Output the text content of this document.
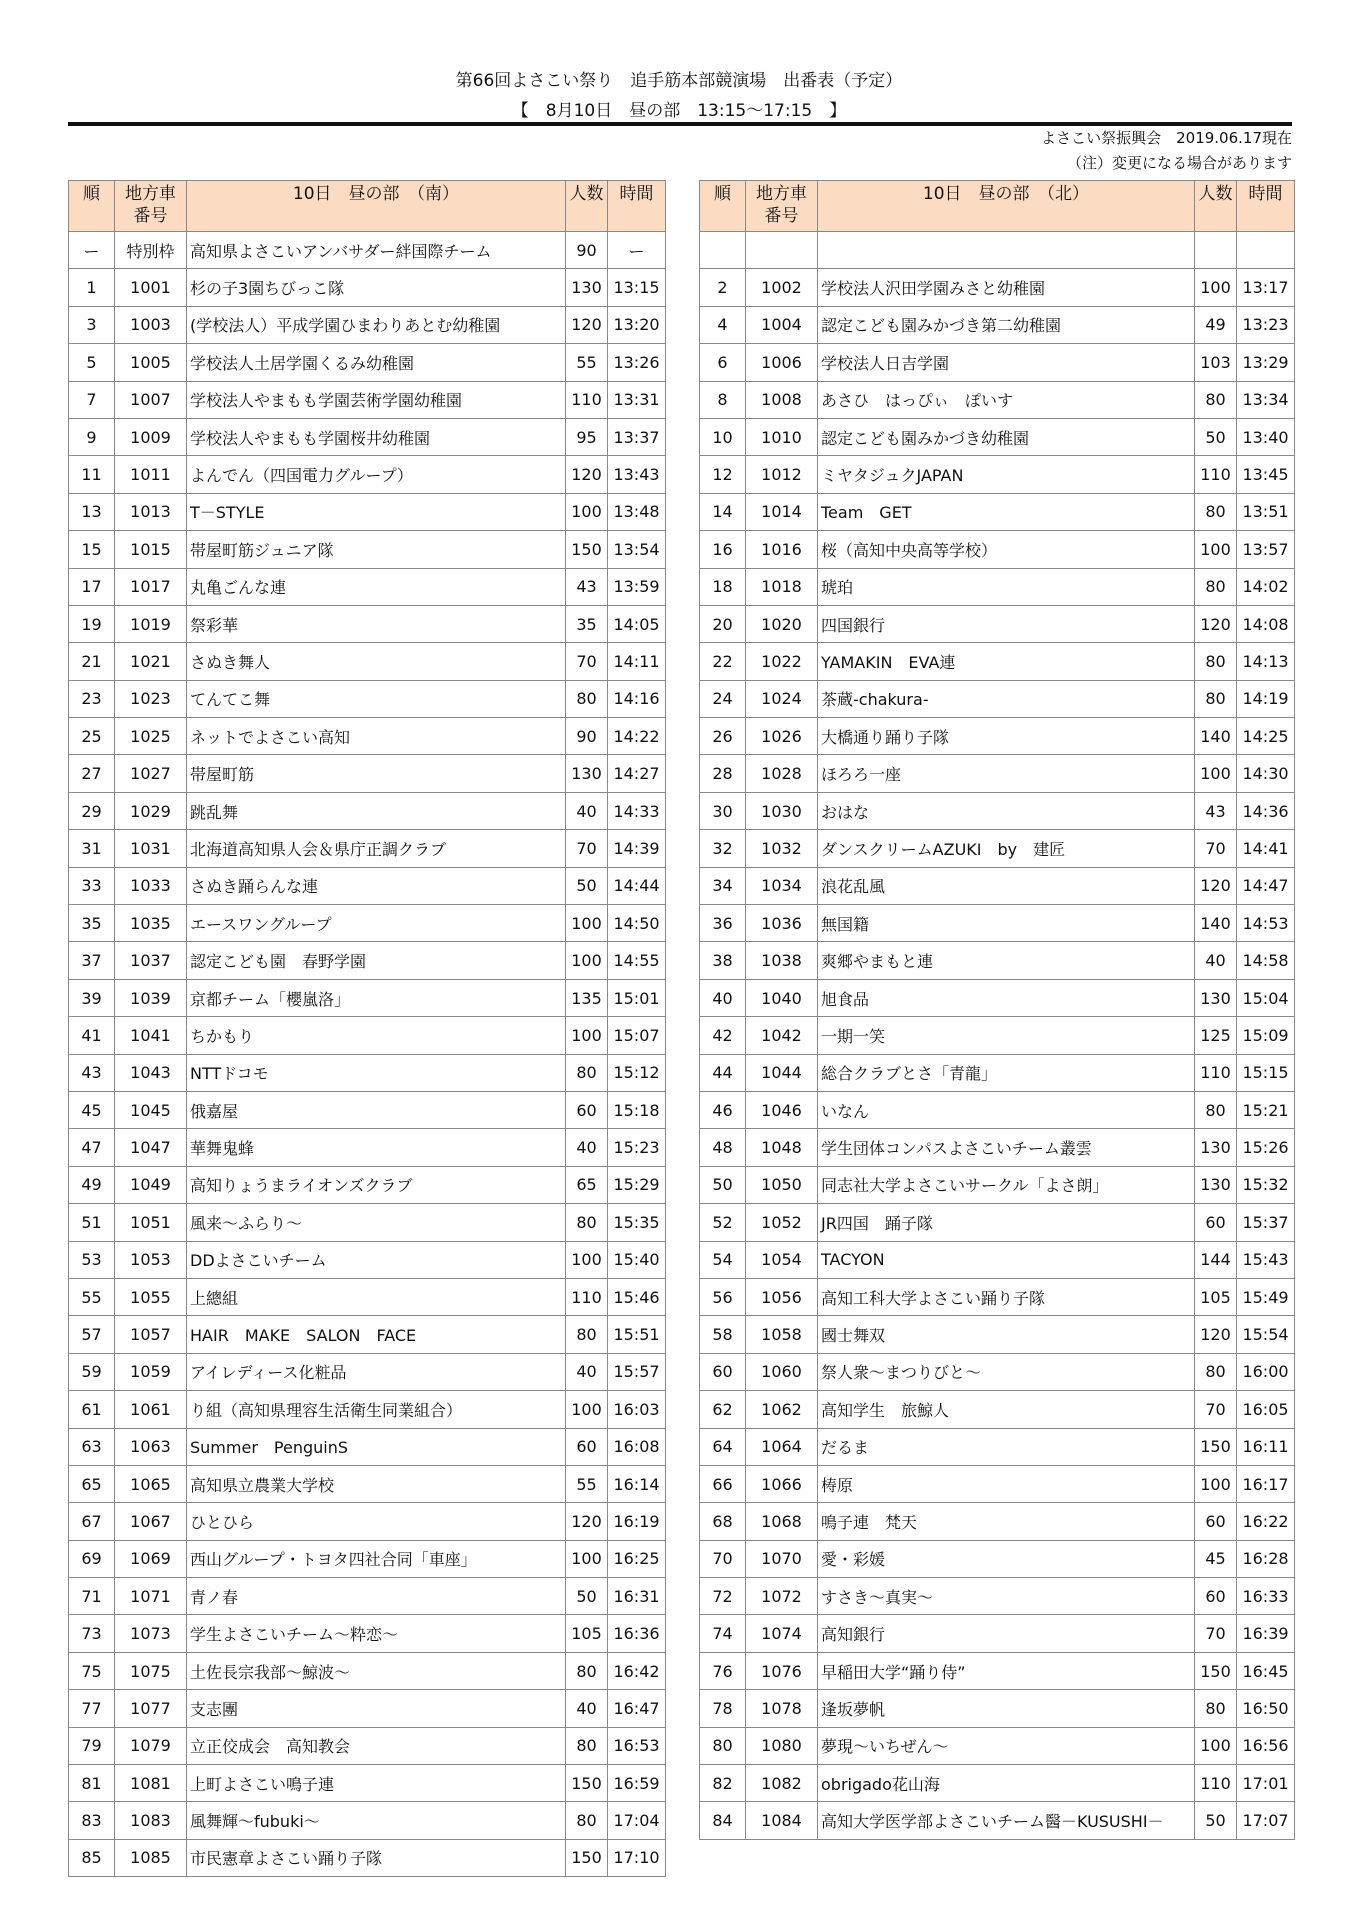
第66回よさこい祭り　追手筋本部競演場　出番表（予定）
【　8月10日　昼の部　13:15～17:15　】
よさこい祭振興会　2019.06.17現在
（注）変更になる場合があります
順	地方車番号	10日　昼の部　（南）	人数	時間
ー	特別枠	高知県よさこいアンバサダー絆国際チーム	90	ー
1	1001	杉の子3園ちびっこ隊	130	13:15
3	1003	(学校法人）平成学園ひまわりあとむ幼稚園	120	13:20
5	1005	学校法人土居学園くるみ幼稚園	55	13:26
7	1007	学校法人やまもも学園芸術学園幼稚園	110	13:31
9	1009	学校法人やまもも学園桜井幼稚園	95	13:37
11	1011	よんでん（四国電力グループ）	120	13:43
13	1013	T－STYLE	100	13:48
15	1015	帯屋町筋ジュニア隊	150	13:54
17	1017	丸亀ごんな連	43	13:59
19	1019	祭彩華	35	14:05
21	1021	さぬき舞人	70	14:11
23	1023	てんてこ舞	80	14:16
25	1025	ネットでよさこい高知	90	14:22
27	1027	帯屋町筋	130	14:27
29	1029	跳乱舞	40	14:33
31	1031	北海道高知県人会＆県庁正調クラブ	70	14:39
33	1033	さぬき踊らんな連	50	14:44
35	1035	エースワングループ	100	14:50
37	1037	認定こども園　春野学園	100	14:55
39	1039	京都チーム「櫻嵐洛」	135	15:01
41	1041	ちかもり	100	15:07
43	1043	NTTドコモ	80	15:12
45	1045	俄嘉屋	60	15:18
47	1047	華舞鬼蜂	40	15:23
49	1049	高知りょうまライオンズクラブ	65	15:29
51	1051	風来～ふらり～	80	15:35
53	1053	DDよさこいチーム	100	15:40
55	1055	上總組	110	15:46
57	1057	HAIR　MAKE　SALON　FACE	80	15:51
59	1059	アイレディース化粧品	40	15:57
61	1061	り組（高知県理容生活衛生同業組合）	100	16:03
63	1063	Summer　PenguinS	60	16:08
65	1065	高知県立農業大学校	55	16:14
67	1067	ひとひら	120	16:19
69	1069	西山グループ・トヨタ四社合同「車座」	100	16:25
71	1071	青ノ春	50	16:31
73	1073	学生よさこいチーム～粋恋～	105	16:36
75	1075	土佐長宗我部～鯨波～	80	16:42
77	1077	支志團	40	16:47
79	1079	立正佼成会　高知教会	80	16:53
81	1081	上町よさこい鳴子連	150	16:59
83	1083	風舞輝～fubuki～	80	17:04
85	1085	市民憲章よさこい踊り子隊	150	17:10
順	地方車番号	10日　昼の部　（北）	人数	時間

2	1002	学校法人沢田学園みさと幼稚園	100	13:17
4	1004	認定こども園みかづき第二幼稚園	49	13:23
6	1006	学校法人日吉学園	103	13:29
8	1008	あさひ　はっぴぃ　ぽいす	80	13:34
10	1010	認定こども園みかづき幼稚園	50	13:40
12	1012	ミヤタジュクJAPAN	110	13:45
14	1014	Team　GET	80	13:51
16	1016	桜（高知中央高等学校）	100	13:57
18	1018	琥珀	80	14:02
20	1020	四国銀行	120	14:08
22	1022	YAMAKIN　EVA連	80	14:13
24	1024	茶蔵-chakura-	80	14:19
26	1026	大橋通り踊り子隊	140	14:25
28	1028	ほろろ一座	100	14:30
30	1030	おはな	43	14:36
32	1032	ダンスクリームAZUKI　by　建匠	70	14:41
34	1034	浪花乱風	120	14:47
36	1036	無国籍	140	14:53
38	1038	爽郷やまもと連	40	14:58
40	1040	旭食品	130	15:04
42	1042	一期一笑	125	15:09
44	1044	総合クラブとさ「青龍」	110	15:15
46	1046	いなん	80	15:21
48	1048	学生団体コンパスよさこいチーム叢雲	130	15:26
50	1050	同志社大学よさこいサークル「よさ朗」	130	15:32
52	1052	JR四国　踊子隊	60	15:37
54	1054	TACYON	144	15:43
56	1056	高知工科大学よさこい踊り子隊	105	15:49
58	1058	國士舞双	120	15:54
60	1060	祭人衆～まつりびと～	80	16:00
62	1062	高知学生　旅鯨人	70	16:05
64	1064	だるま	150	16:11
66	1066	梼原	100	16:17
68	1068	鳴子連　梵天	60	16:22
70	1070	愛・彩媛	45	16:28
72	1072	すさき～真実～	60	16:33
74	1074	高知銀行	70	16:39
76	1076	早稲田大学“踊り侍”	150	16:45
78	1078	逢坂夢帆	80	16:50
80	1080	夢現～いちぜん～	100	16:56
82	1082	obrigado花山海	110	17:01
84	1084	高知大学医学部よさこいチーム醫－KUSUSHI－	50	17:07
